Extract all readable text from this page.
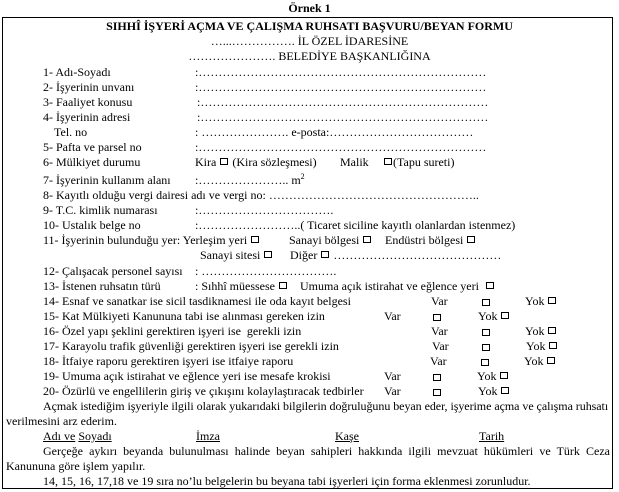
Örnek 1
SIHHÎ İŞYERİ AÇMA VE ÇALIŞMA RUHSATI BAŞVURU/BEYAN FORMU
…...……………. İL ÖZEL İDARESİNE
…………………. BELEDİYE BAŞKANLIĞINA
1- Adı-Soyadı	:………………………………………………………………
2- İşyerinin unvanı	:………………………………………………………………
3- Faaliyet konusu	:………………………………………………………………
4- İşyerinin adresi	:………………………………………………………………
Tel. no	: …………………. e-posta:………………………………
5- Pafta ve parsel no	:………………………………………………………………
6- Mülkiyet durumu	Kira (Kira sözleşmesi) Malik	(Tapu sureti)
7- İşyerinin kullanım alanı :………………….. $m^2$
8- Kayıtlı olduğu vergi dairesi adı ve vergi no: ……………………………………………..
9- T.C. kimlik numarası	:…………………………….
10- Ustalık belge no	:……………………..( Ticaret siciline kayıtlı olanlardan istenmez)
11- İşyerinin bulunduğu yer: Yerleşim yeri	Sanayi bölgesi	Endüstri bölgesi
Sanayi sitesi	Diğer ……………………………………
12- Çalışacak personel sayısı : …………………………….
13- İstenen ruhsatın türü	: Sıhhî müessese	Umuma açık istirahat ve eğlence yeri
14- Esnaf ve sanatkar ise sicil tasdiknamesi ile oda kayıt belgesi	Var	Yok
15- Kat Mülkiyeti Kanununa tabi ise alınması gereken izin	Var	Yok
16- Özel yapı şeklini gerektiren işyeri ise  gerekli izin	Var	Yok
17- Karayolu trafik güvenliği gerektiren işyeri ise gerekli izin	Var	Yok
18- İtfaiye raporu gerektiren işyeri ise itfaiye raporu	Var	Yok
19- Umuma açık istirahat ve eğlence yeri ise mesafe krokisi	Var	Yok
20- Özürlü ve engellilerin giriş ve çıkışını kolaylaştıracak tedbirler Var	Yok
Açmak istediğim işyeriyle ilgili olarak yukarıdaki bilgilerin doğruluğunu beyan eder, işyerime açma ve çalışma ruhsatı
verilmesini arz ederim.
Adı ve Soyadı	İmza	Kaşe	Tarih
Gerçeğe aykırı beyanda bulunulması halinde beyan sahipleri hakkında ilgili mevzuat hükümleri ve Türk Ceza
Kanununa göre işlem yapılır.
14, 15, 16, 17,18 ve 19 sıra no’lu belgelerin bu beyana tabi işyerleri için forma eklenmesi zorunludur.
